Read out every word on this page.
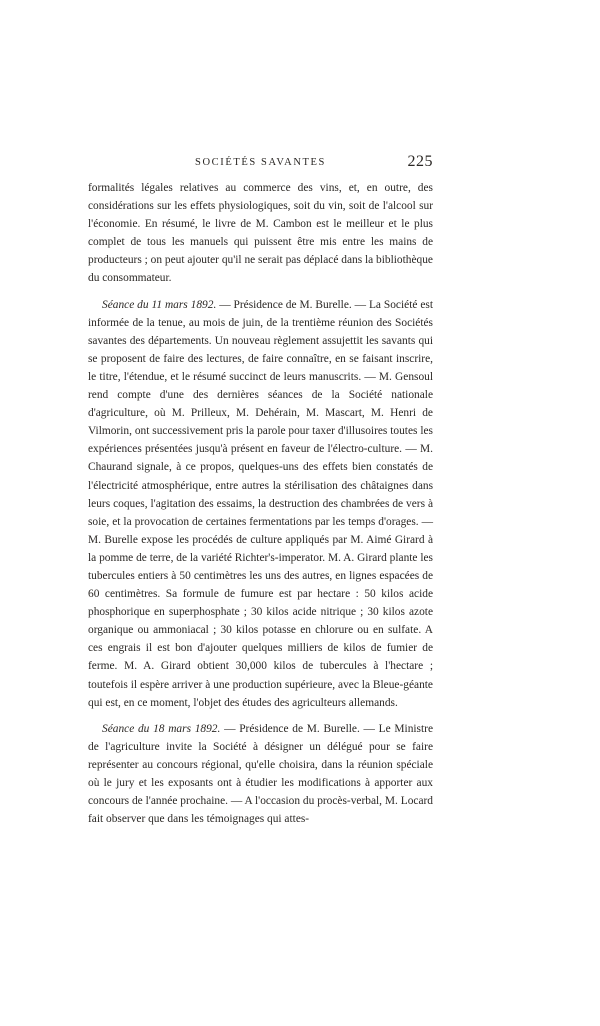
SOCIÉTÉS SAVANTES	225

formalités légales relatives au commerce des vins, et, en outre, des considérations sur les effets physiologiques, soit du vin, soit de l'alcool sur l'économie. En résumé, le livre de M. Cambon est le meilleur et le plus complet de tous les manuels qui puissent être mis entre les mains de producteurs ; on peut ajouter qu'il ne serait pas déplacé dans la bibliothèque du consommateur.

Séance du 11 mars 1892. — Présidence de M. Burelle. — La Société est informée de la tenue, au mois de juin, de la trentième réunion des Sociétés savantes des départements. Un nouveau règlement assujettit les savants qui se proposent de faire des lectures, de faire connaître, en se faisant inscrire, le titre, l'étendue, et le résumé succinct de leurs manuscrits. — M. Gensoul rend compte d'une des dernières séances de la Société nationale d'agriculture, où M. Prilleux, M. Dehérain, M. Mascart, M. Henri de Vilmorin, ont successivement pris la parole pour taxer d'illusoires toutes les expériences présentées jusqu'à présent en faveur de l'électro-culture. — M. Chaurand signale, à ce propos, quelques-uns des effets bien constatés de l'électricité atmosphérique, entre autres la stérilisation des châtaignes dans leurs coques, l'agitation des essaims, la destruction des chambrées de vers à soie, et la provocation de certaines fermentations par les temps d'orages. — M. Burelle expose les procédés de culture appliqués par M. Aimé Girard à la pomme de terre, de la variété Richter's-imperator. M. A. Girard plante les tubercules entiers à 50 centimètres les uns des autres, en lignes espacées de 60 centimètres. Sa formule de fumure est par hectare : 50 kilos acide phosphorique en superphosphate ; 30 kilos acide nitrique ; 30 kilos azote organique ou ammoniacal ; 30 kilos potasse en chlorure ou en sulfate. A ces engrais il est bon d'ajouter quelques milliers de kilos de fumier de ferme. M. A. Girard obtient 30,000 kilos de tubercules à l'hectare ; toutefois il espère arriver à une production supérieure, avec la Bleue-géante qui est, en ce moment, l'objet des études des agriculteurs allemands.

Séance du 18 mars 1892. — Présidence de M. Burelle. — Le Ministre de l'agriculture invite la Société à désigner un délégué pour se faire représenter au concours régional, qu'elle choisira, dans la réunion spéciale où le jury et les exposants ont à étudier les modifications à apporter aux concours de l'année prochaine. — A l'occasion du procès-verbal, M. Locard fait observer que dans les témoignages qui attes-
